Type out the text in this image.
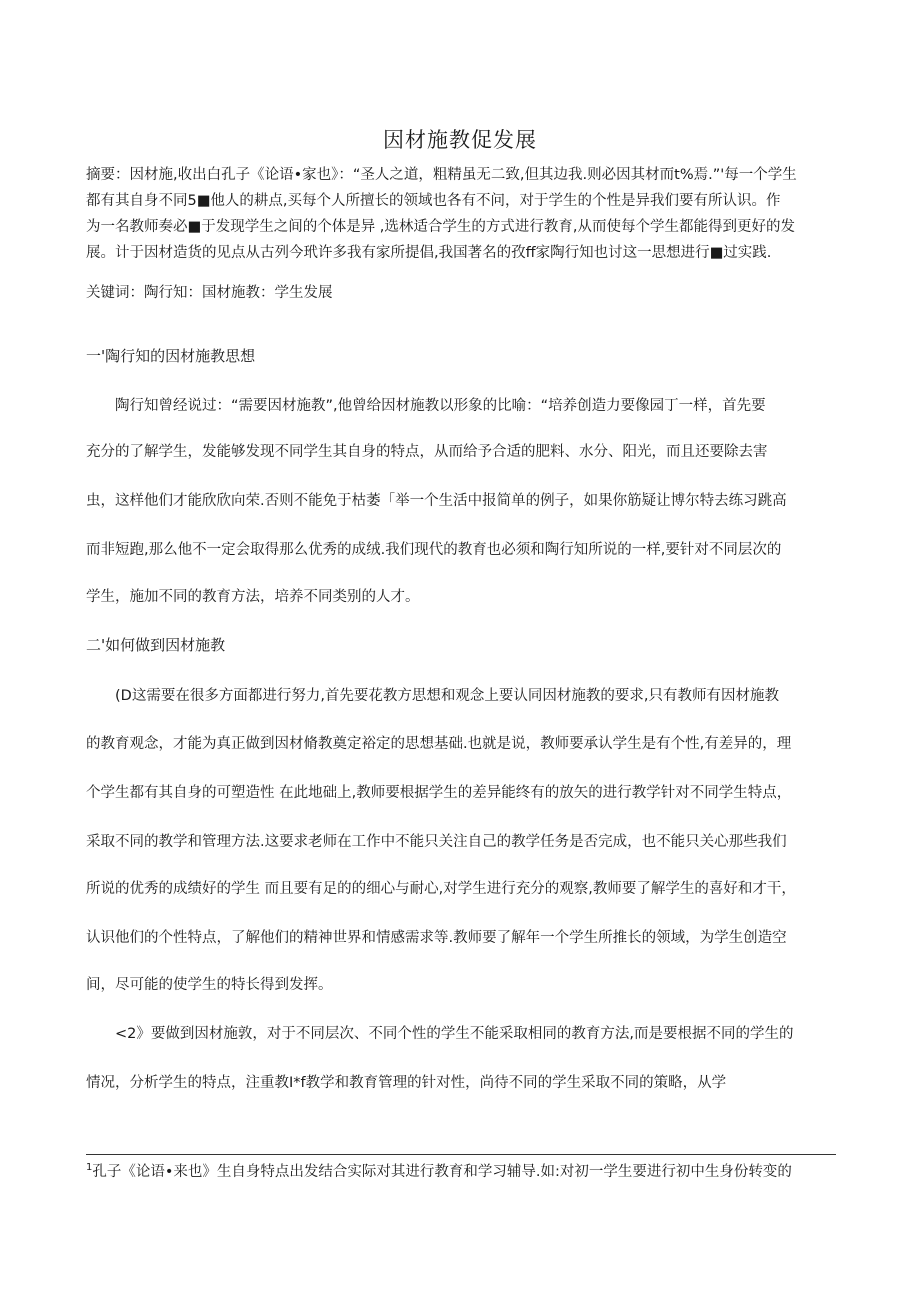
因材施教促发展
摘要：因材施,收出白孔子《论语•家也》：“圣人之道，粗精虽无二致,但其边我.则必因其材而t%焉.”'每一个学生
都有其自身不同5■他人的耕点,买每个人所擅长的领域也各有不问，对于学生的个性是异我们要有所认识。作
为一名教师奏必■于发现学生之间的个体是异 ,选林适合学生的方式进行教育,从而使每个学生都能得到更好的发
展。计于因材造货的见点从古列今玳许多我有家所提倡,我国著名的孜ff家陶行知也讨这一思想进行■过实践.
关键词：陶行知：国材施教：学生发展
一'陶行知的因材施教思想
陶行知曾经说过：“需要因材施教”,他曾给因材施教以形象的比喻：“培养创造力要像园丁一样，首先要
充分的了解学生，发能够发现不同学生其自身的特点，从而给予合适的肥料、水分、阳光，而且还要除去害
虫，这样他们才能欣欣向荣.否则不能免于枯萎「举一个生活中报简单的例子，如果你筋疑让博尔特去练习跳高
而非短跑,那么他不一定会取得那么优秀的成绒.我们现代的教育也必须和陶行知所说的一样,要针对不同层次的
学生，施加不同的教育方法，培养不同类别的人才。
二'如何做到因材施教
(D这需要在很多方面都进行努力,首先要花教方思想和观念上要认同因材施教的要求,只有教师有因材施教
的教育观念，才能为真正做到因材脩教奠定裕定的思想基础.也就是说，教师要承认学生是有个性,有差异的，理
个学生都有其自身的可塑造性 在此地础上,教师要根据学生的差异能终有的放矢的进行教学针对不同学生特点，
采取不同的教学和管理方法.这要求老师在工作中不能只关注自己的教学任务是否完成，也不能只关心那些我们
所说的优秀的成绩好的学生 而且要有足的的细心与耐心,对学生进行充分的观察,教师要了解学生的喜好和才干，
认识他们的个性特点，了解他们的精神世界和情感需求等.教师要了解年一个学生所推长的领域，为学生创造空
间，尽可能的使学生的特长得到发挥。
<2》要做到因材施敦，对于不同层次、不同个性的学生不能采取相同的教育方法,而是要根据不同的学生的
情况，分析学生的特点，注重教I*f教学和教育管理的针对性，尚待不同的学生采取不同的策略，从学
$^1$孔子《论语•来也》生自身特点出发结合实际对其进行教育和学习辅导.如:对初一学生要进行初中生身份转变的
